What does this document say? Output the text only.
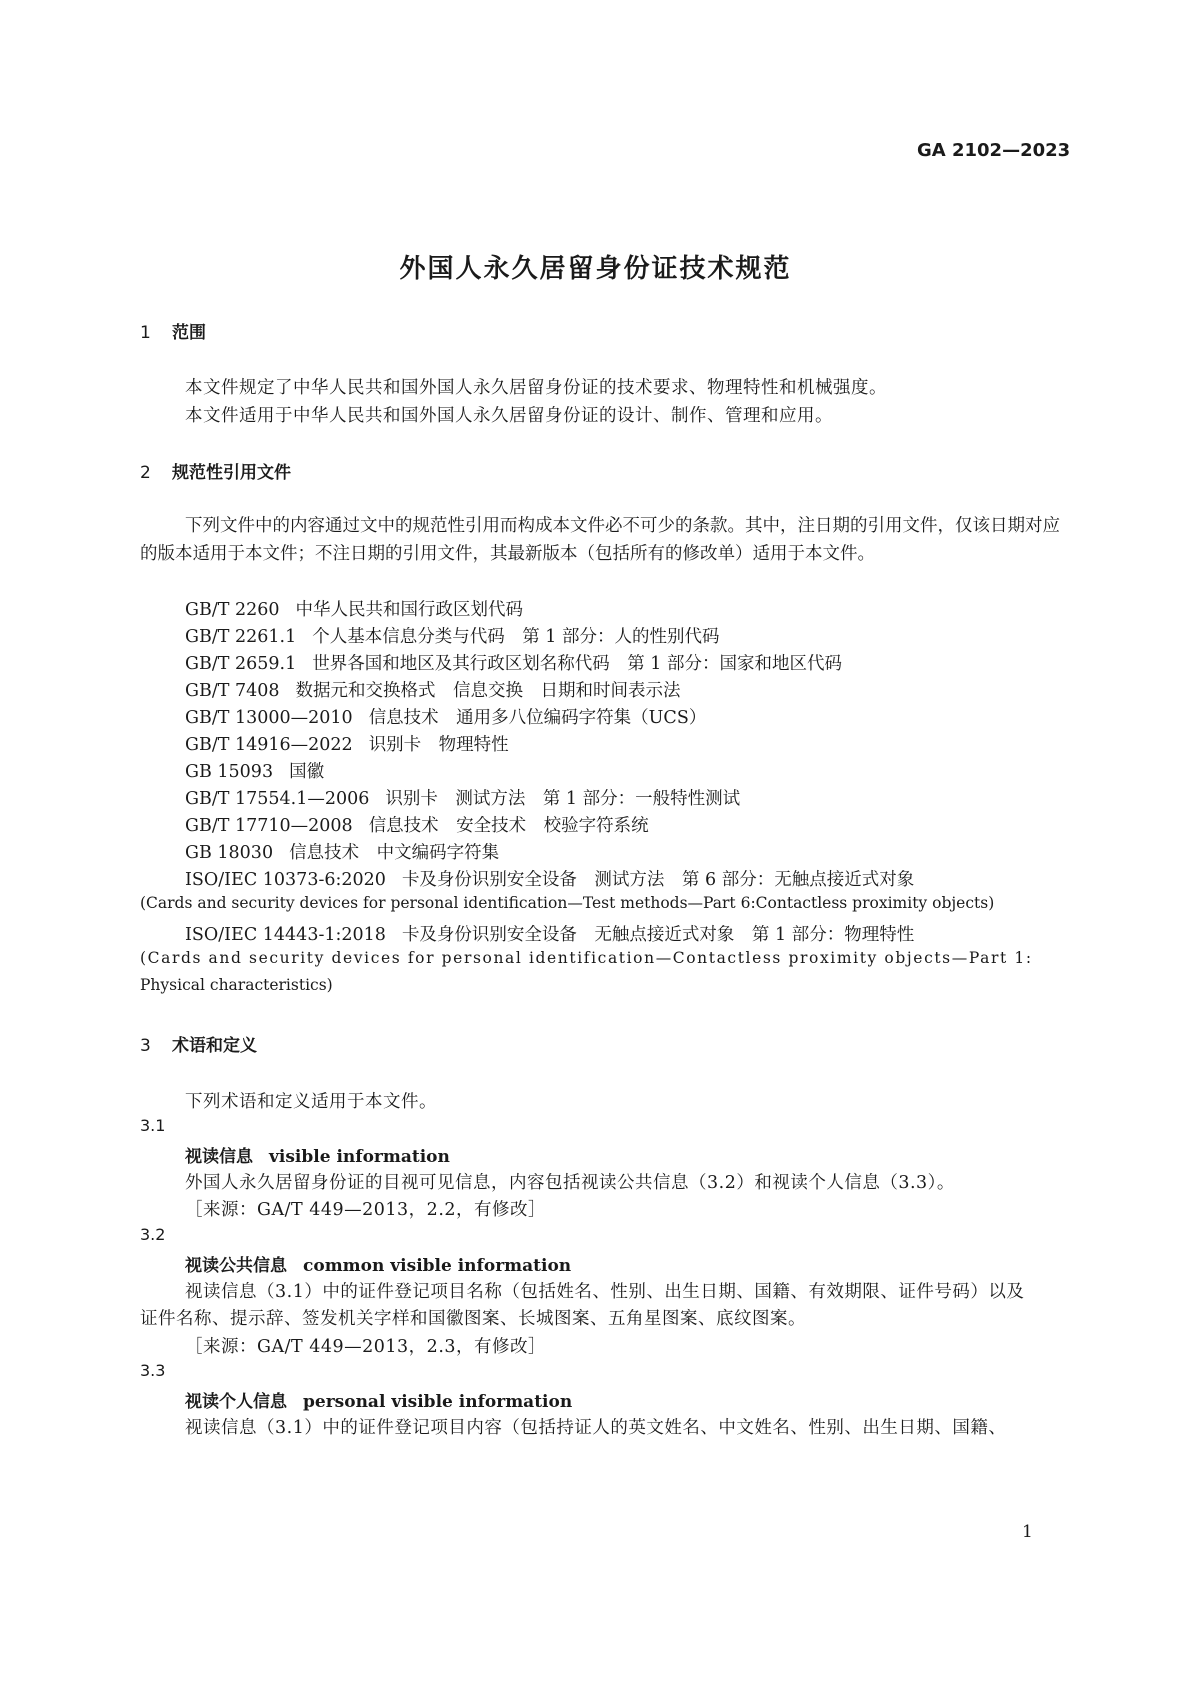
GA 2102—2023
外国人永久居留身份证技术规范
1 范围
本文件规定了中华人民共和国外国人永久居留身份证的技术要求、物理特性和机械强度。
本文件适用于中华人民共和国外国人永久居留身份证的设计、制作、管理和应用。
2 规范性引用文件

下列文件中的内容通过文中的规范性引用而构成本文件必不可少的条款。其中，注日期的引用文件，仅该日期对应的版本适用于本文件；不注日期的引用文件，其最新版本（包括所有的修改单）适用于本文件。

GB/T 2260 中华人民共和国行政区划代码
GB/T 2261.1 个人基本信息分类与代码　第 1 部分：人的性别代码
GB/T 2659.1 世界各国和地区及其行政区划名称代码　第 1 部分：国家和地区代码
GB/T 7408 数据元和交换格式　信息交换　日期和时间表示法
GB/T 13000—2010 信息技术　通用多八位编码字符集（UCS）
GB/T 14916—2022 识别卡　物理特性
GB 15093 国徽
GB/T 17554.1—2006 识别卡　测试方法　第 1 部分：一般特性测试
GB/T 17710—2008 信息技术　安全技术　校验字符系统
GB 18030 信息技术　中文编码字符集
ISO/IEC 10373-6:2020 卡及身份识别安全设备　测试方法　第 6 部分：无触点接近式对象
(Cards and security devices for personal identification—Test methods—Part 6:Contactless proximity objects)
ISO/IEC 14443-1:2018 卡及身份识别安全设备　无触点接近式对象　第 1 部分：物理特性
(Cards and security devices for personal identification—Contactless proximity objects—Part 1:
Physical characteristics)
3 术语和定义
下列术语和定义适用于本文件。
3.1
视读信息 visible information
外国人永久居留身份证的目视可见信息，内容包括视读公共信息（3.2）和视读个人信息（3.3）。
［来源：GA/T 449—2013，2.2，有修改］
3.2
视读公共信息 common visible information
视读信息（3.1）中的证件登记项目名称（包括姓名、性别、出生日期、国籍、有效期限、证件号码）以及
证件名称、提示辞、签发机关字样和国徽图案、长城图案、五角星图案、底纹图案。
［来源：GA/T 449—2013，2.3，有修改］
3.3
视读个人信息 personal visible information
视读信息（3.1）中的证件登记项目内容（包括持证人的英文姓名、中文姓名、性别、出生日期、国籍、
1
